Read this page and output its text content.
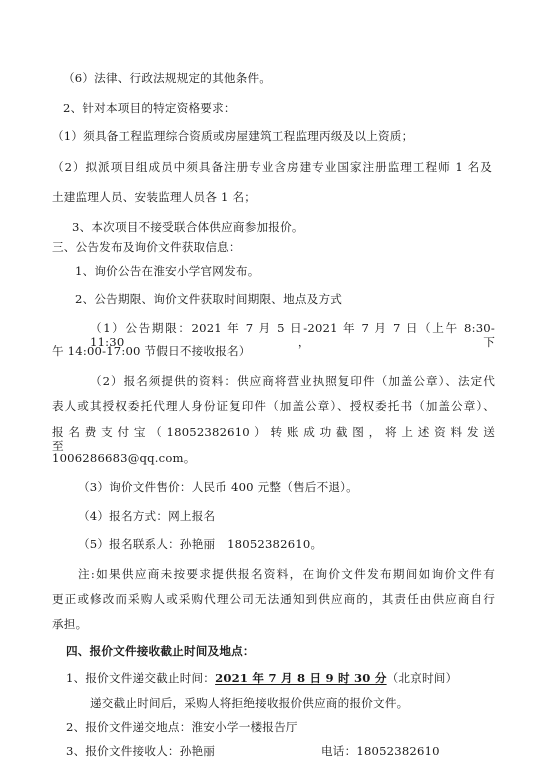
（6）法律、行政法规规定的其他条件。
2、针对本项目的特定资格要求：
（1）须具备工程监理综合资质或房屋建筑工程监理丙级及以上资质；
（2）拟派项目组成员中须具备注册专业含房建专业国家注册监理工程师 1 名及
土建监理人员、安装监理人员各 1 名；
3、本次项目不接受联合体供应商参加报价。
三、公告发布及询价文件获取信息：
1、询价公告在淮安小学官网发布。
2、公告期限、询价文件获取时间期限、地点及方式
（1）公告期限：2021 年 7 月 5 日-2021 年 7 月 7 日（上午 8:30-11:30，下
午 14:00-17:00 节假日不接收报名）
（2）报名须提供的资料：供应商将营业执照复印件（加盖公章）、法定代
表人或其授权委托代理人身份证复印件（加盖公章）、授权委托书（加盖公章）、
报 名 费 支 付 宝 （ 18052382610 ） 转 账 成 功 截 图 ， 将 上 述 资 料 发 送 至
1006286683@qq.com。
（3）询价文件售价：人民币 400 元整（售后不退）。
（4）报名方式：网上报名
（5）报名联系人：孙艳丽　18052382610。
注:如果供应商未按要求提供报名资料，在询价文件发布期间如询价文件有
更正或修改而采购人或采购代理公司无法通知到供应商的，其责任由供应商自行
承担。
四、报价文件接收截止时间及地点：
1、报价文件递交截止时间：2021 年 7 月 8 日 9 时 30 分（北京时间）
递交截止时间后，采购人将拒绝接收报价供应商的报价文件。
2、报价文件递交地点：淮安小学一楼报告厅
3、报价文件接收人：孙艳丽	电话：18052382610
